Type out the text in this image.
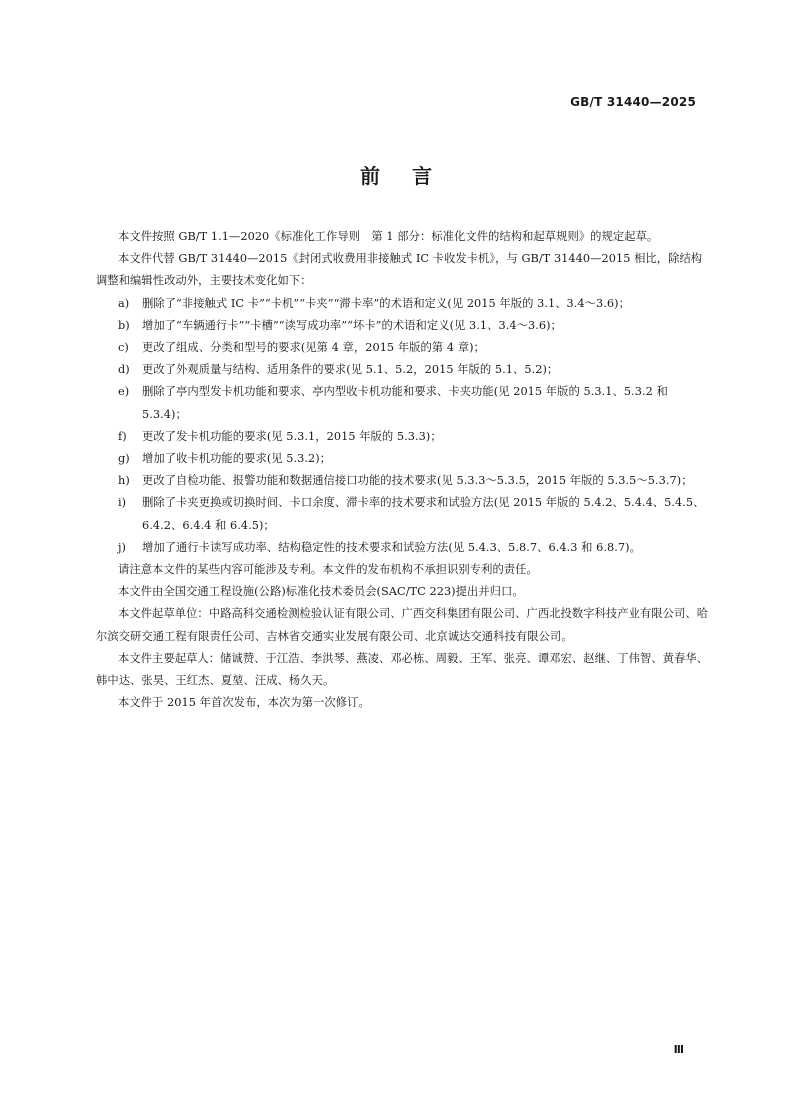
GB/T 31440—2025
前言

本文件按照 GB/T 1.1—2020《标准化工作导则　第 1 部分：标准化文件的结构和起草规则》的规定起草。

本文件代替 GB/T 31440—2015《封闭式收费用非接触式 IC 卡收发卡机》，与 GB/T 31440—2015 相比，除结构调整和编辑性改动外，主要技术变化如下：

a) 删除了“非接触式 IC 卡”“卡机”“卡夹”“滞卡率”的术语和定义(见 2015 年版的 3.1、3.4～3.6)；
b) 增加了“车辆通行卡”“卡槽”“读写成功率”“坏卡”的术语和定义(见 3.1、3.4～3.6)；
c) 更改了组成、分类和型号的要求(见第 4 章，2015 年版的第 4 章)；
d) 更改了外观质量与结构、适用条件的要求(见 5.1、5.2，2015 年版的 5.1、5.2)；
e) 删除了亭内型发卡机功能和要求、亭内型收卡机功能和要求、卡夹功能(见 2015 年版的 5.3.1、5.3.2 和 5.3.4)；
f) 更改了发卡机功能的要求(见 5.3.1，2015 年版的 5.3.3)；
g) 增加了收卡机功能的要求(见 5.3.2)；
h) 更改了自检功能、报警功能和数据通信接口功能的技术要求(见 5.3.3～5.3.5，2015 年版的 5.3.5～5.3.7)；
i) 删除了卡夹更换或切换时间、卡口余度、滞卡率的技术要求和试验方法(见 2015 年版的 5.4.2、5.4.4、5.4.5、6.4.2、6.4.4 和 6.4.5)；
j) 增加了通行卡读写成功率、结构稳定性的技术要求和试验方法(见 5.4.3、5.8.7、6.4.3 和 6.8.7)。

请注意本文件的某些内容可能涉及专利。本文件的发布机构不承担识别专利的责任。

本文件由全国交通工程设施(公路)标准化技术委员会(SAC/TC 223)提出并归口。

本文件起草单位：中路高科交通检测检验认证有限公司、广西交科集团有限公司、广西北投数字科技产业有限公司、哈尔滨交研交通工程有限责任公司、吉林省交通实业发展有限公司、北京诚达交通科技有限公司。

本文件主要起草人：储诚赞、于江浩、李洪琴、燕凌、邓必栋、周毅、王军、张亮、谭邓宏、赵继、丁伟智、黄春华、韩中达、张昊、王红杰、夏堃、汪成、杨久天。

本文件于 2015 年首次发布，本次为第一次修订。

Ⅲ
